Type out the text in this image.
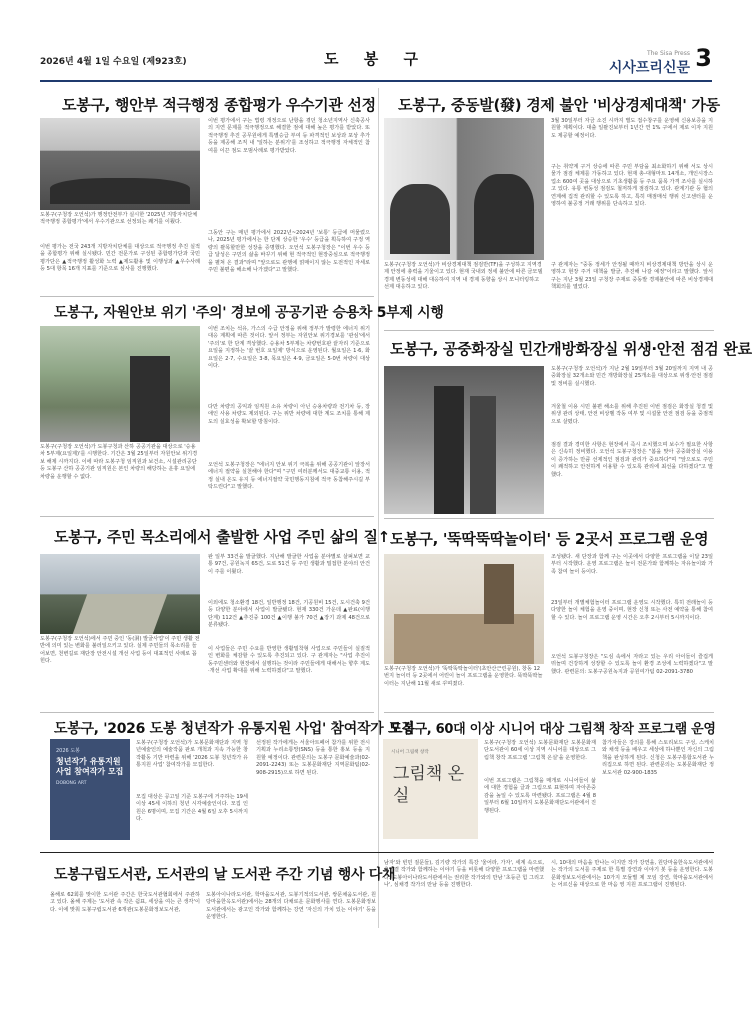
2026년 4월 1일 수요일 (제923호)	도 봉 구	The Sisa Press
시사프리신문 3
도봉구, 행안부 적극행정 종합평가 우수기관 선정
도봉구(구청장 오언석)가 행정안전부가 실시한 '2025년 지방자치단체 적극행정 종합평가'에서 우수기관으로 선정되는 쾌거를 이뤘다.
이번 평가는 전국 243개 지방자치단체를 대상으로 적극행정 추진 실적을 종합평가 위해 실시됐다. 민간 전문가로 구성된 종합평가단과 국민평가단은 ▲적극행정 활성화 노력 ▲제도활용 및 이행성과 ▲우수사례 등 5대 항목 16개 지표를 기준으로 심사를 진행했다.
이번 평가에서 구는 법령 개정으로 난항을 겪던 청소년지역사 신축공사의 지연 문제를 적극행정으로 해결한 점에 대해 높은 평가를 받았다. 또 적극행정 추진 공무원에게 특별승급 부여 등 파격적인 보상과 포상 추가 등을 제공해 조직 내 '일하는 분위기'를 조성하고 적극행정 자체적인 참여를 이끈 점도 모범사례로 평가받았다.
그동안 구는 매년 평가에서 2022년~2024년 '보통' 등급에 머물렀으나, 2025년 평가에서는 한 단계 상승한 '우수' 등급을 획득하여 구정 역량의 괄목할만한 성장을 증명했다. 오언석 도봉구청장은 "이번 우수 등급 달성은 구민의 삶을 바꾸기 위해 현 적극적인 현장중심으로 적극행정을 펼쳐 온 결과"라며 "앞으로도 관행에 얽매이지 않는 도전적인 자세로 주민 불편을 해소해 나가겠다"고 말했다.
도봉구, 중동발(發) 경제 불안 '비상경제대책' 가동
도봉구(구청장 오언석)가 비상경제대책 점검반(TF)을 구성하고 지역경제 안정에 총력을 기울이고 있다. 현재 국내외 정세 불안에 따른 금모델경제 변동성에 대해 대응하여 지역 내 경제 동향을 상시 모니터링하고 선제 대응하고 있다.
3월 30일부터 자금 소진 시까지 별도 접수창구를 운영해 신용보증을 지원할 계획이다. 대출 일괄진보부터 1년간 연 1% 구에서 제로 이자 지원도 제공할 예정이다.
구는 취약계 구거 상승에 따른 주민 부담을 최소화하기 위해 서도 상시 물가 점검 체제를 가동하고 있다. 현재 총-대형마트 14개소, 개인시장스업소 600여 곳을 대상으로 기초생활품 등 주요 품목 가격 조사를 실시하고 있다. 유통 변동성 점검도 철저하게 점검하고 있다. 관계기관 등 협의 연계해 집적 관리할 수 있도록 하고, 특히 매점매석 행위 신고센터를 운영하여 불공정 거래 행위를 단속하고 있다.
구 관계자는 "중동 정세가 안정될 때까지 비상경제대책 방안을 상시 운영하고 현장 주거 대책을 발굴, 추진해 나갈 예정"이라고 말했다. 앞서 구는 지난 3월 23일 구청장 주재로 중동발 경제불안에 따른 비상경제대책회의를 열었다.
도봉구, 자원안보 위기 '주의' 경보에 공공기관 승용차 5부제 시행
도봉구(구청장 오언석)가 도봉구청과 산하 공공기관을 대상으로 '승용차 5부제(요일제)'를 시행한다. 기간은 3월 25일부터 자원안보 위기경보 해제 시까지다. 이에 따라 도봉구청 임직원과 보건소, 시설관리공단 등 도봉구 산하 공공기관 임직원은 본인 차량의 해당하는 운휴 요일에 차량을 운행할 수 없다.
이번 조치는 석유, 가스의 수급 안정을 위해 정부가 발령한 에너지 위기 대응 계획에 따른 것이다. 앞서 정부는 자원안보 위기경보를 '관심'에서 '주의'로 한 단계 격상했다. 승용차 5부제는 차량번호판 끝자리 기준으로 요일을 지정하는 '끝 번호 요일제' 방식으로 운영된다. 월요일은 1·6, 화요일은 2·7, 수요일은 3·8, 목요일은 4·9, 금요일은 5·0번 차량이 대상이다.
다만 차량의 공익과 임직원 소유 차량이 아닌 승용차량과 전기차 등, 장애인 사용 차량도 제외된다. 구는 위반 차량에 대한 계도 조치를 통해 제도의 실효성을 확보할 방침이다.
오언석 도봉구청장은 "에너지 안보 위기 극복을 위해 공공기관이 앞장서 에너지 절약을 실천해야 한다"며 "구민 여러분께서도 대중교통 이용, 적정 실내 온도 유지 등 에너지절약 국민행동지침에 적극 동참해주시길 부탁드린다"고 말했다.
도봉구, 공중화장실 민간개방화장실 위생·안전 점검 완료
도봉구(구청장 오언석)가 지난 2월 19일부터 3월 20일까지 지역 내 공중화장실 32개소와 민간 개방화장실 25개소를 대상으로 위생·안전 점검 및 정비를 실시했다.
겨울철 이용 시민 불편 해소를 위해 추진된 이번 점검은 화장실 청결 및 위생 관리 상태, 안전 비상벨 작동 여부 및 시설물 안전 점검 등을 중점적으로 살폈다.
점검 결과 경미한 사항은 현장에서 즉시 조치했으며 보수가 필요한 사항은 신속히 정비했다. 오언석 도봉구청장은 "봄을 맞아 공중화장실 이용이 증가하는 만큼 선제적인 점검과 관리가 중요하다"며 "앞으로도 주민이 쾌적하고 안전하게 이용할 수 있도록 관리에 최선을 다하겠다"고 말했다.
도봉구, 주민 목소리에서 출발한 사업 주민 삶의 질↑
도봉구(구청장 오언석)에서 주민 중인 '동(洞) 발굴사업'이 주민 생활 전반에 의미 있는 변화를 불러일으키고 있다. 실제 주민들의 목소리를 들어보면, 천변길로 재단장 안전시설 개선 사업 등이 대표적인 사례로 꼽힌다.
완 일부 33건을 발굴했다. 지난해 발굴한 사업을 분야별로 살펴보면 교통 97건, 공원녹지 65건, 도로 51건 등 주민 생활과 밀접한 분야의 안건이 주를 이뤘다.
이외에도 청소환경 18건, 일반행정 18건, 기공원비 15건, 도시건축 9건 등 다양한 분야에서 사업이 발굴됐다. 현재 330건 가운데 ▲완료(이행 단계) 112건 ▲추진중 100건 ▲이행 불가 70건 ▲장기 과제 48건으로 분류됐다.
이 사업들은 주민 수요를 반영한 생활밀착형 사업으로 주민들이 실질적인 변화를 체감할 수 있도록 추진되고 있다. 구 관계자는 "사업 추진이 동주민센터와 현장에서 실행하는 것이라 주민들에게 대해서는 향후 계도·개선 사업 확대를 위해 노력하겠다"고 말했다.
도봉구, '뚝딱뚝딱놀이터' 등 2곳서 프로그램 운영
도봉구(구청장 오언석)가 '뚝딱뚝딱놀이터'(초안산근린공원), 창동 12번지 놀이터 등 2곳에서 어린이 놀이 프로그램을 운영한다. 뚝딱뚝딱놀이터는 지난해 11월 새로 꾸며졌다.
조성됐다. 새 단장과 함께 구는 이곳에서 다양한 프로그램을 이달 23일부터 시작했다. 운영 프로그램은 놀이 전문가와 함께하는 자유놀이와 가족 참여 놀이 등이다.
23일부터 개별체험놀이터 프로그램 운영도 시작했다. 특히 전래놀이 등 다양한 놀이 체험을 운영 중이며, 현장 신청 또는 사전 예약을 통해 참여할 수 있다. 놀이 프로그램 운영 시간은 오후 2시부터 5시까지이다.
오언석 도봉구청장은 "도심 속에서 자라고 있는 우리 아이들이 즐겁게 뛰놀며 건강하게 성장할 수 있도록 놀이 환경 조성에 노력하겠다"고 말했다. 관련문의: 도봉구공원녹지과 공원여가팀 02-2091-3780
도봉구, '2026 도봉 청년작가 유통지원 사업' 참여작가 모집
2026 도봉
청년작가 유통지원사업 참여작가 모집
DOBONG ART
도봉구(구청장 오언석)가 도봉문화재단과 지역 청년예술인의 예술작품 판로 개척과 지속 가능한 창작활동 기반 마련을 위해 '2026 도봉 청년작가 유통지원 사업' 참여작가를 모집한다.
모집 대상은 공고일 기준 도봉구에 거주하는 19세 이상 45세 이하의 청년 시각예술인이다. 모집 인원은 6명이며, 모집 기간은 4월 6일 오후 5시까지다.
선정된 작가에게는 서울아트페어 참가를 위한 전시 기획과 누리소통망(SNS) 등을 통한 홍보 등을 지원할 예정이다. 관련문의는 도봉구 문화예술과(02-2091-2243) 또는 도봉문화재단 지역문화팀(02-908-2915)으로 하면 된다.
도봉구, 60대 이상 시니어 대상 그림책 창작 프로그램 운영
시니어 그림책 창작
그림책 온실
도봉구(구청장 오언석) 도봉문화재단 도봉문화재단도서관이 60세 이상 지역 시니어를 대상으로 그림책 창작 프로그램 '그림책 온실'을 운영한다.
이번 프로그램은 그림책을 매개로 시니어들이 삶에 대한 경험을 글과 그림으로 표현하며 자아존중감을 높일 수 있도록 마련됐다. 프로그램은 4월 8일부터 6월 10일까지 도봉문화재단도서관에서 진행된다.
참가자들은 강의를 통해 스토리보드 구성, 스케치와 채색 등을 배우고 세상에 하나뿐인 자신의 그림책을 완성하게 된다. 신청은 도봉구통합도서관 누리집으로 하면 된다. 관련문의는 도봉문화재단 정보도서관 02-900-1835
도봉구립도서관, 도서관의 날 도서관 주간 기념 행사 다채
올해로 62회를 맞이한 도서관 주간은 한국도서관협회에서 주관하고 있다. 올해 주제는 '도서관 속 작은 쉼표, 세상을 여는 큰 생각'이다. 이에 맞춰 도봉구립도서관 6개관(도봉문화정보도서관,
도봉아이나라도서관, 학마을도서관, 도봉기적의도서관, 쌍문채움도서관, 원당마을한옥도서관)에서는 28개의 다채로운 문화행사를 연다. 도봉문화정보도서관에서는 광고인 작가와 함께하는 강연 '자신의 가치 있는 이야기' 등을 운영한다.
남자'와 빈민 질문들), 김기량 작가의 특강 '울어라, 가자', 세계 속으로, 초연결 작가와 함께하는 이야기 등을 비롯해 다양한 프로그램을 마련했다. 도봉아이나라도서관에서는 권리한 작가와의 만남 '초등큰 힘 그리고 나', 심채경 작가의 만남 등을 진행한다.
시, 10대의 마음을 만나는 이지만 작가 강연을, 원당마을한옥도서관에서는 작가의 도서를 주제로 한 특별 강연과 이야기 봇 등을 운영한다. 도봉문화정보도서관에서는 10가지 모듈별 제 모임 강연, 학마을도서관에서는 어르신을 대상으로 한 마음 영 지원 프로그램이 진행된다.
